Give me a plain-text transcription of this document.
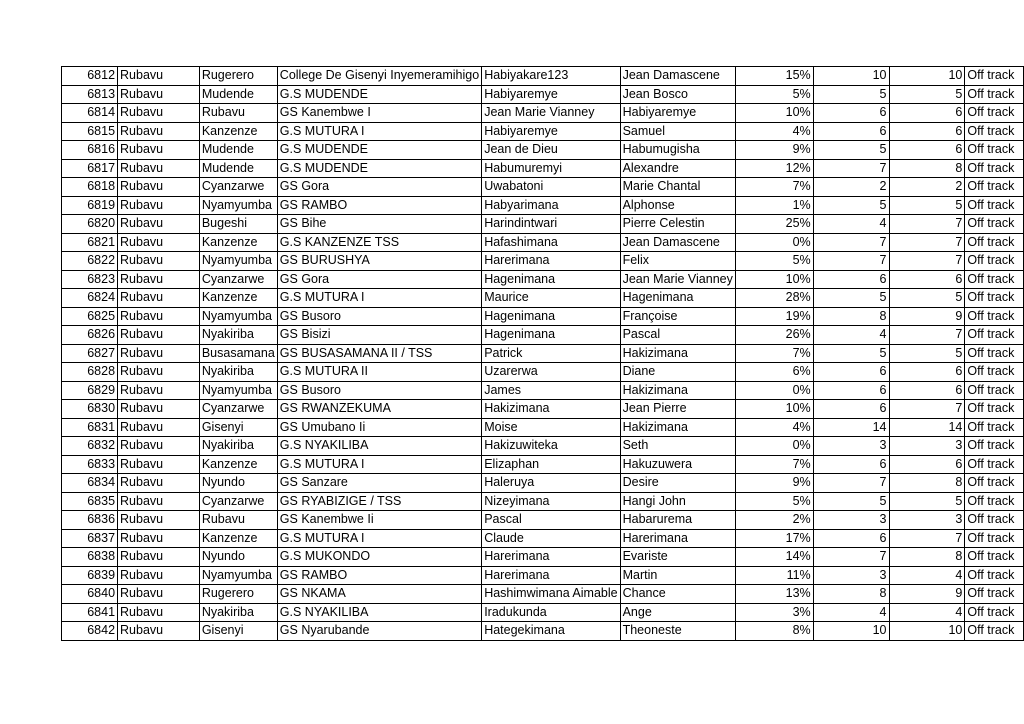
6812	Rubavu	Rugerero	College De Gisenyi Inyemeramihigo	Habiyakare123	Jean Damascene	15%	10	10	Off track
6813	Rubavu	Mudende	G.S MUDENDE	Habiyaremye	Jean Bosco	5%	5	5	Off track
6814	Rubavu	Rubavu	GS Kanembwe I	Jean Marie Vianney	Habiyaremye	10%	6	6	Off track
6815	Rubavu	Kanzenze	G.S MUTURA I	Habiyaremye	Samuel	4%	6	6	Off track
6816	Rubavu	Mudende	G.S MUDENDE	Jean de Dieu	Habumugisha	9%	5	6	Off track
6817	Rubavu	Mudende	G.S MUDENDE	Habumuremyi	Alexandre	12%	7	8	Off track
6818	Rubavu	Cyanzarwe	GS Gora	Uwabatoni	Marie Chantal	7%	2	2	Off track
6819	Rubavu	Nyamyumba	GS RAMBO	Habyarimana	Alphonse	1%	5	5	Off track
6820	Rubavu	Bugeshi	GS Bihe	Harindintwari	Pierre Celestin	25%	4	7	Off track
6821	Rubavu	Kanzenze	G.S KANZENZE TSS	Hafashimana	Jean Damascene	0%	7	7	Off track
6822	Rubavu	Nyamyumba	GS BURUSHYA	Harerimana	Felix	5%	7	7	Off track
6823	Rubavu	Cyanzarwe	GS Gora	Hagenimana	Jean Marie Vianney	10%	6	6	Off track
6824	Rubavu	Kanzenze	G.S MUTURA I	Maurice	Hagenimana	28%	5	5	Off track
6825	Rubavu	Nyamyumba	GS Busoro	Hagenimana	Françoise	19%	8	9	Off track
6826	Rubavu	Nyakiriba	GS Bisizi	Hagenimana	Pascal	26%	4	7	Off track
6827	Rubavu	Busasamana	GS BUSASAMANA II / TSS	Patrick	Hakizimana	7%	5	5	Off track
6828	Rubavu	Nyakiriba	G.S MUTURA II	Uzarerwa	Diane	6%	6	6	Off track
6829	Rubavu	Nyamyumba	GS Busoro	James	Hakizimana	0%	6	6	Off track
6830	Rubavu	Cyanzarwe	GS RWANZEKUMA	Hakizimana	Jean Pierre	10%	6	7	Off track
6831	Rubavu	Gisenyi	GS Umubano Ii	Moise	Hakizimana	4%	14	14	Off track
6832	Rubavu	Nyakiriba	G.S NYAKILIBA	Hakizuwiteka	Seth	0%	3	3	Off track
6833	Rubavu	Kanzenze	G.S MUTURA I	Elizaphan	Hakuzuwera	7%	6	6	Off track
6834	Rubavu	Nyundo	GS Sanzare	Haleruya	Desire	9%	7	8	Off track
6835	Rubavu	Cyanzarwe	GS RYABIZIGE / TSS	Nizeyimana	Hangi John	5%	5	5	Off track
6836	Rubavu	Rubavu	GS Kanembwe Ii	Pascal	Habarurema	2%	3	3	Off track
6837	Rubavu	Kanzenze	G.S MUTURA I	Claude	Harerimana	17%	6	7	Off track
6838	Rubavu	Nyundo	G.S MUKONDO	Harerimana	Evariste	14%	7	8	Off track
6839	Rubavu	Nyamyumba	GS RAMBO	Harerimana	Martin	11%	3	4	Off track
6840	Rubavu	Rugerero	GS NKAMA	Hashimwimana Aimable	Chance	13%	8	9	Off track
6841	Rubavu	Nyakiriba	G.S NYAKILIBA	Iradukunda	Ange	3%	4	4	Off track
6842	Rubavu	Gisenyi	GS Nyarubande	Hategekimana	Theoneste	8%	10	10	Off track
